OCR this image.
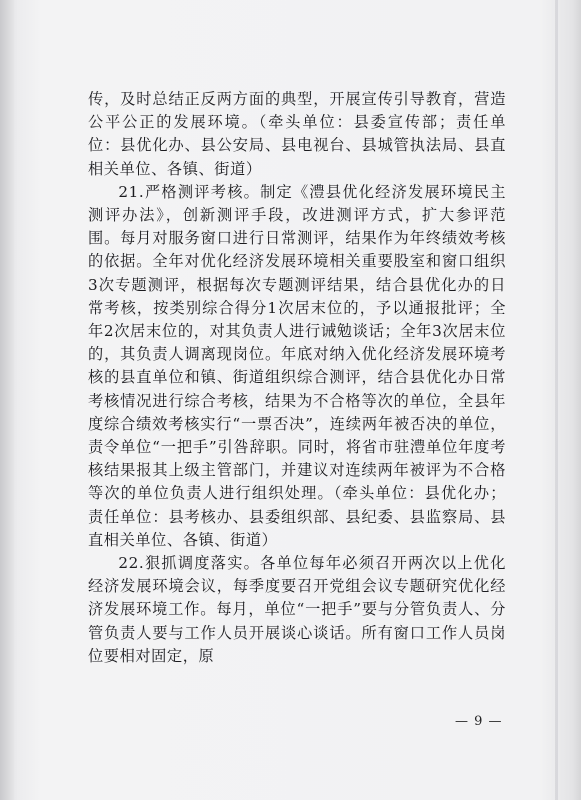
传，及时总结正反两方面的典型，开展宣传引导教育，营造公平公正的发展环境。（牵头单位：县委宣传部；责任单位：县优化办、县公安局、县电视台、县城管执法局、县直相关单位、各镇、街道）

21.严格测评考核。制定《澧县优化经济发展环境民主测评办法》，创新测评手段，改进测评方式，扩大参评范围。每月对服务窗口进行日常测评，结果作为年终绩效考核的依据。全年对优化经济发展环境相关重要股室和窗口组织3次专题测评，根据每次专题测评结果，结合县优化办的日常考核，按类别综合得分1次居末位的，予以通报批评；全年2次居末位的，对其负责人进行诫勉谈话；全年3次居末位的，其负责人调离现岗位。年底对纳入优化经济发展环境考核的县直单位和镇、街道组织综合测评，结合县优化办日常考核情况进行综合考核，结果为不合格等次的单位，全县年度综合绩效考核实行“一票否决”，连续两年被否决的单位，责令单位“一把手”引咎辞职。同时，将省市驻澧单位年度考核结果报其上级主管部门，并建议对连续两年被评为不合格等次的单位负责人进行组织处理。（牵头单位：县优化办；责任单位：县考核办、县委组织部、县纪委、县监察局、县直相关单位、各镇、街道）

22.狠抓调度落实。各单位每年必须召开两次以上优化经济发展环境会议，每季度要召开党组会议专题研究优化经济发展环境工作。每月，单位“一把手”要与分管负责人、分管负责人要与工作人员开展谈心谈话。所有窗口工作人员岗位要相对固定，原

— 9 —
